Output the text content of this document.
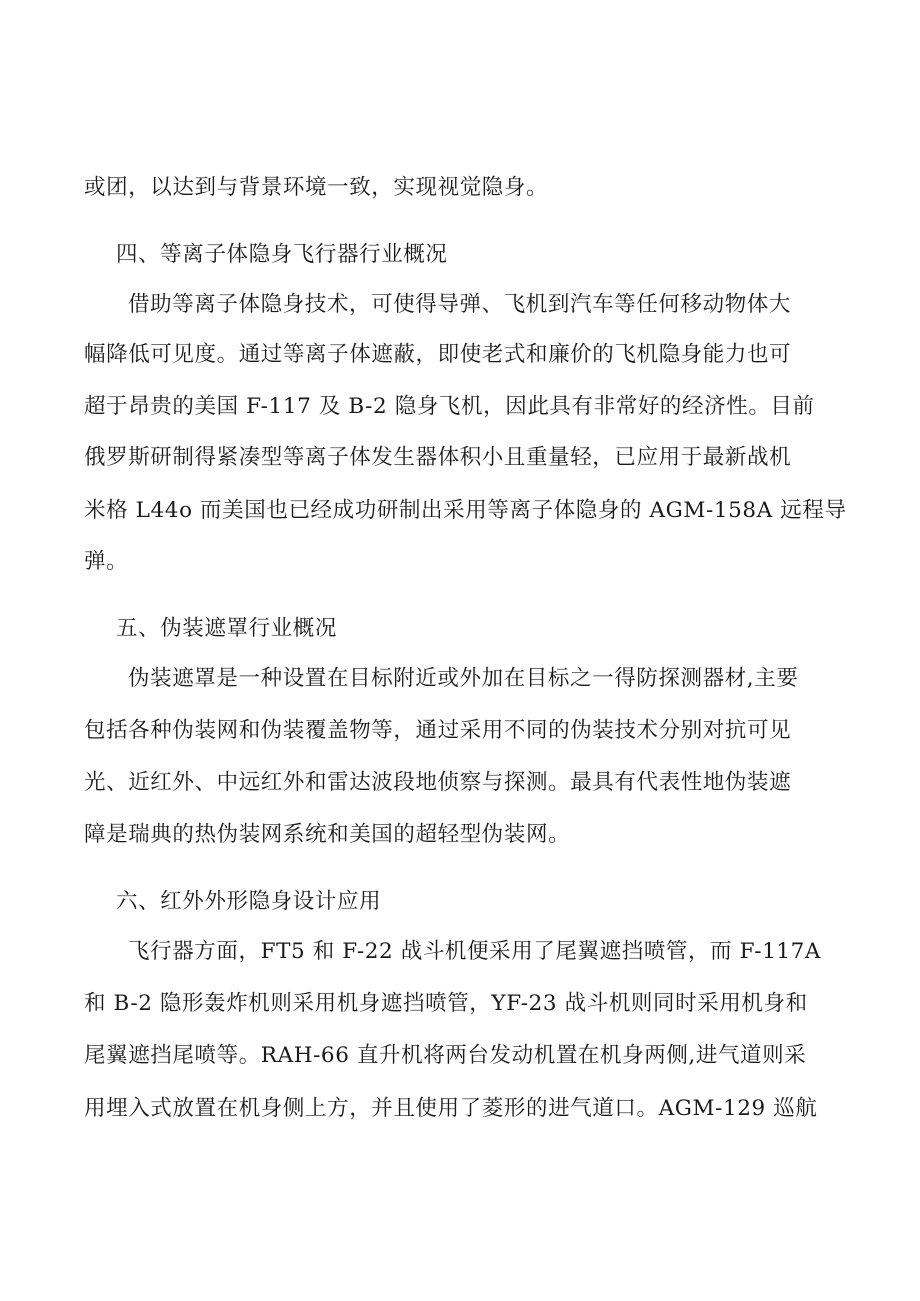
或团，以达到与背景环境一致，实现视觉隐身。
四、等离子体隐身飞行器行业概况
借助等离子体隐身技术，可使得导弹、飞机到汽车等任何移动物体大
幅降低可见度。通过等离子体遮蔽，即使老式和廉价的飞机隐身能力也可
超于昂贵的美国 F-117 及 B-2 隐身飞机，因此具有非常好的经济性。目前
俄罗斯研制得紧凑型等离子体发生器体积小且重量轻，已应用于最新战机
米格 L44o 而美国也已经成功研制出采用等离子体隐身的 AGM-158A 远程导
弹。
五、伪装遮罩行业概况
伪装遮罩是一种设置在目标附近或外加在目标之一得防探测器材,主要
包括各种伪装网和伪装覆盖物等，通过采用不同的伪装技术分别对抗可见
光、近红外、中远红外和雷达波段地侦察与探测。最具有代表性地伪装遮
障是瑞典的热伪装网系统和美国的超轻型伪装网。
六、红外外形隐身设计应用
飞行器方面，FT5 和 F-22 战斗机便采用了尾翼遮挡喷管，而 F-117A
和 B-2 隐形轰炸机则采用机身遮挡喷管，YF-23 战斗机则同时采用机身和
尾翼遮挡尾喷等。RAH-66 直升机将两台发动机置在机身两侧,进气道则采
用埋入式放置在机身侧上方，并且使用了菱形的进气道口。AGM-129 巡航
